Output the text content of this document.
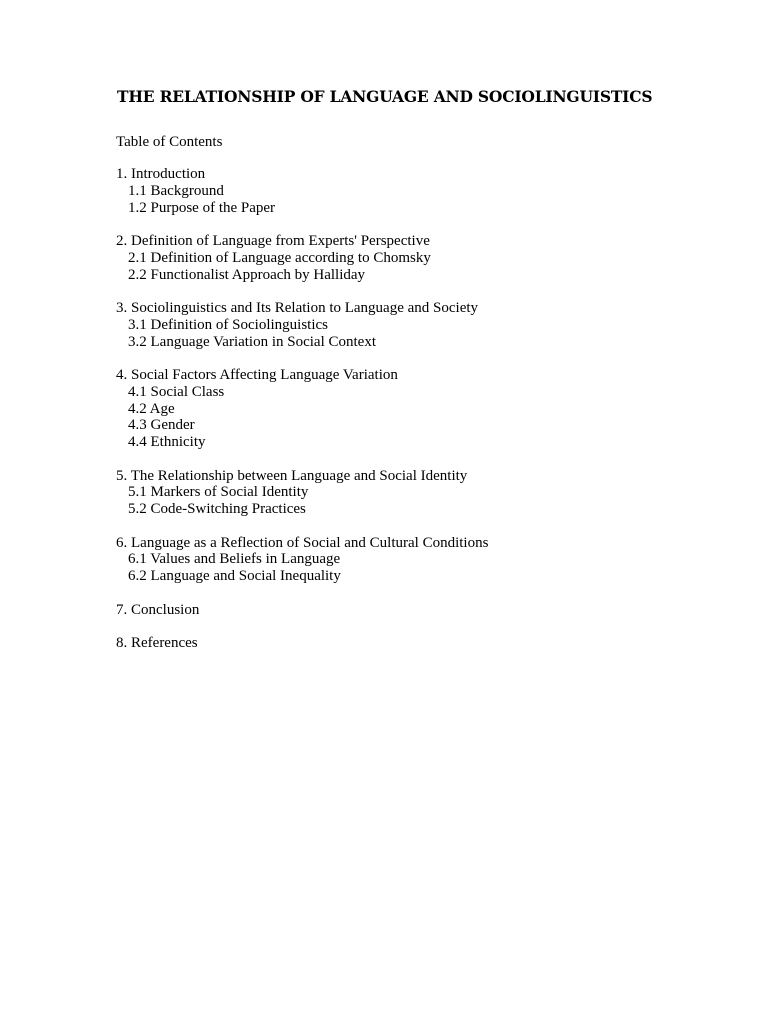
THE RELATIONSHIP OF LANGUAGE AND SOCIOLINGUISTICS

Table of Contents

1. Introduction
1.1 Background
1.2 Purpose of the Paper
2. Definition of Language from Experts' Perspective
2.1 Definition of Language according to Chomsky
2.2 Functionalist Approach by Halliday
3. Sociolinguistics and Its Relation to Language and Society
3.1 Definition of Sociolinguistics
3.2 Language Variation in Social Context
4. Social Factors Affecting Language Variation
4.1 Social Class
4.2 Age
4.3 Gender
4.4 Ethnicity
5. The Relationship between Language and Social Identity
5.1 Markers of Social Identity
5.2 Code-Switching Practices
6. Language as a Reflection of Social and Cultural Conditions
6.1 Values and Beliefs in Language
6.2 Language and Social Inequality
7. Conclusion
8. References
